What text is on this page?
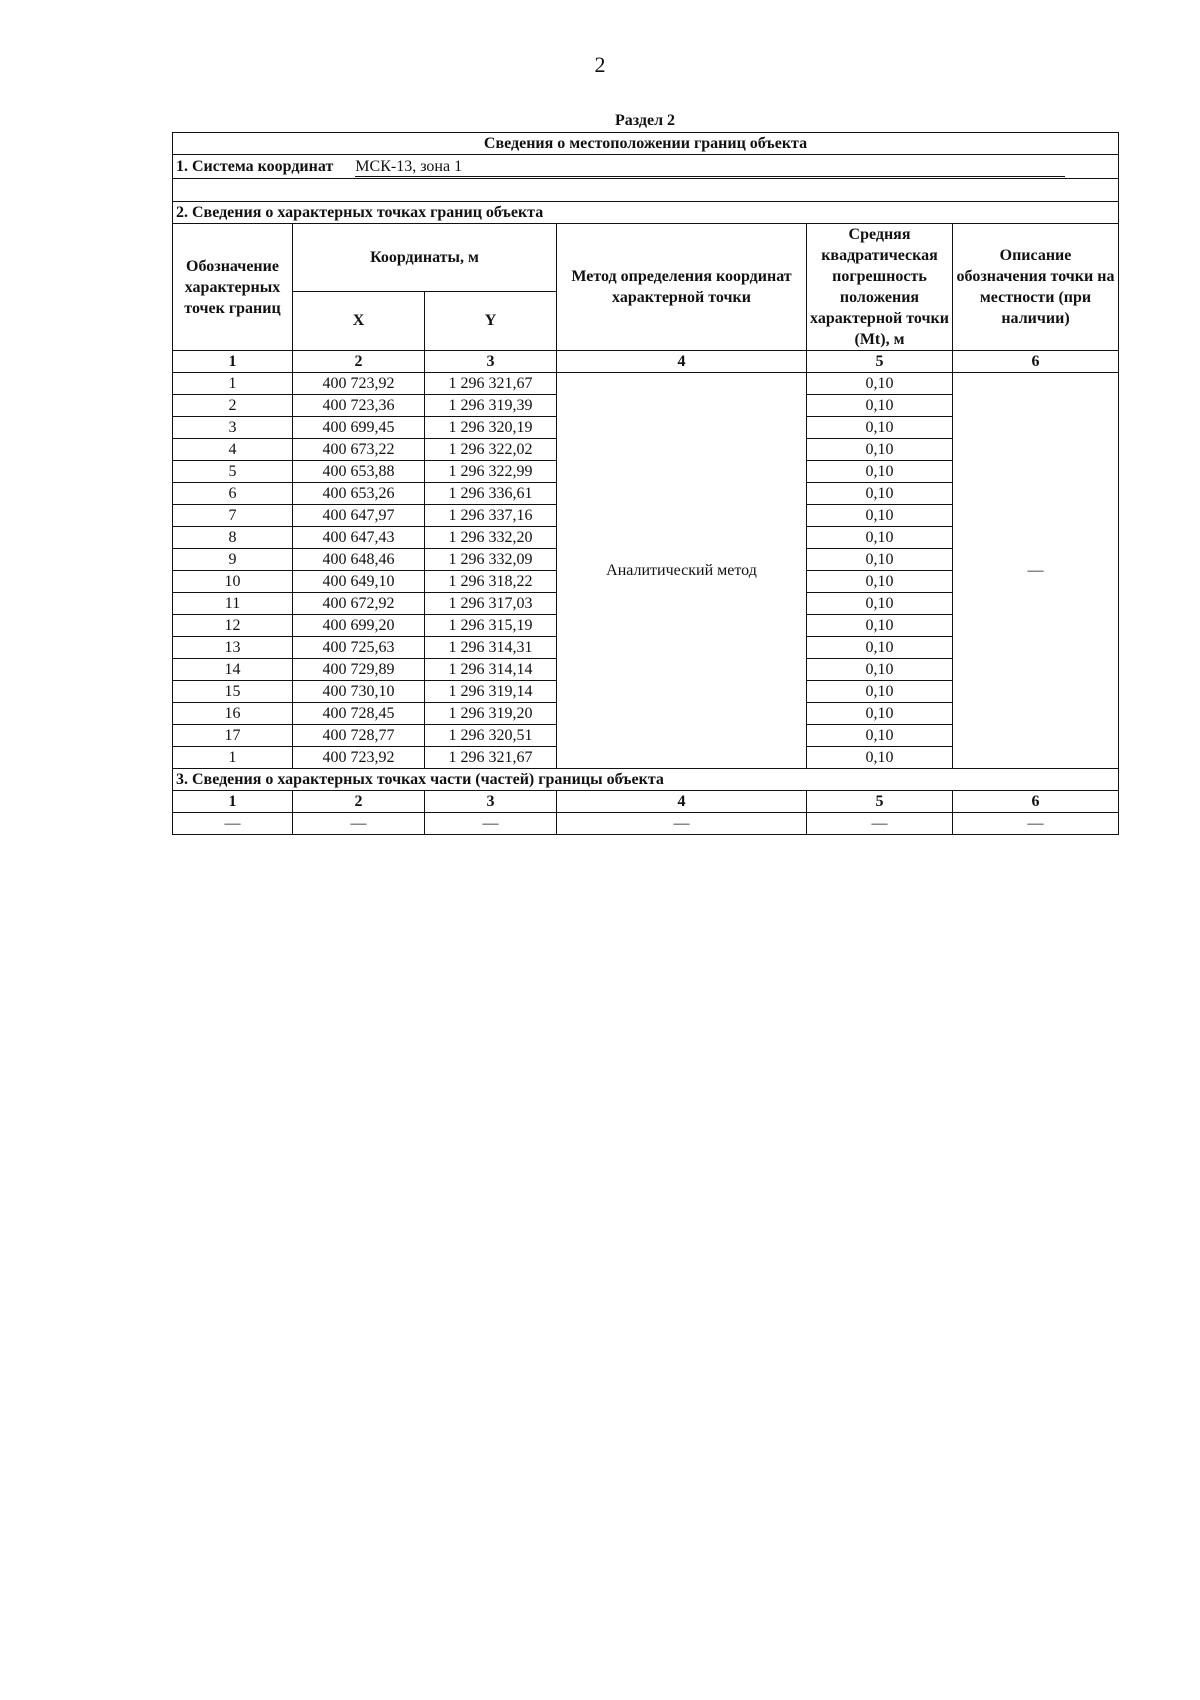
2
Раздел 2
Сведения о местоположении границ объекта					
1. Система координат МСК-13, зона 1					

2. Сведения о характерных точках границ объекта					
Обозначение характерных точек границ	Координаты, м		Метод определения координат характерной точки	Средняя квадратическая погрешность положения характерной точки (Mt), м	Описание обозначения точки на местности (при наличии)
	X	Y			
1	2	3	4	5	6
1	400 723,92	1 296 321,67	Аналитический метод	0,10	—
2	400 723,36	1 296 319,39		0,10	
3	400 699,45	1 296 320,19		0,10	
4	400 673,22	1 296 322,02		0,10	
5	400 653,88	1 296 322,99		0,10	
6	400 653,26	1 296 336,61		0,10	
7	400 647,97	1 296 337,16		0,10	
8	400 647,43	1 296 332,20		0,10	
9	400 648,46	1 296 332,09		0,10	
10	400 649,10	1 296 318,22		0,10	
11	400 672,92	1 296 317,03		0,10	
12	400 699,20	1 296 315,19		0,10	
13	400 725,63	1 296 314,31		0,10	
14	400 729,89	1 296 314,14		0,10	
15	400 730,10	1 296 319,14		0,10	
16	400 728,45	1 296 319,20		0,10	
17	400 728,77	1 296 320,51		0,10	
1	400 723,92	1 296 321,67		0,10	
3. Сведения о характерных точках части (частей) границы объекта					
1	2	3	4	5	6
—	—	—	—	—	—
